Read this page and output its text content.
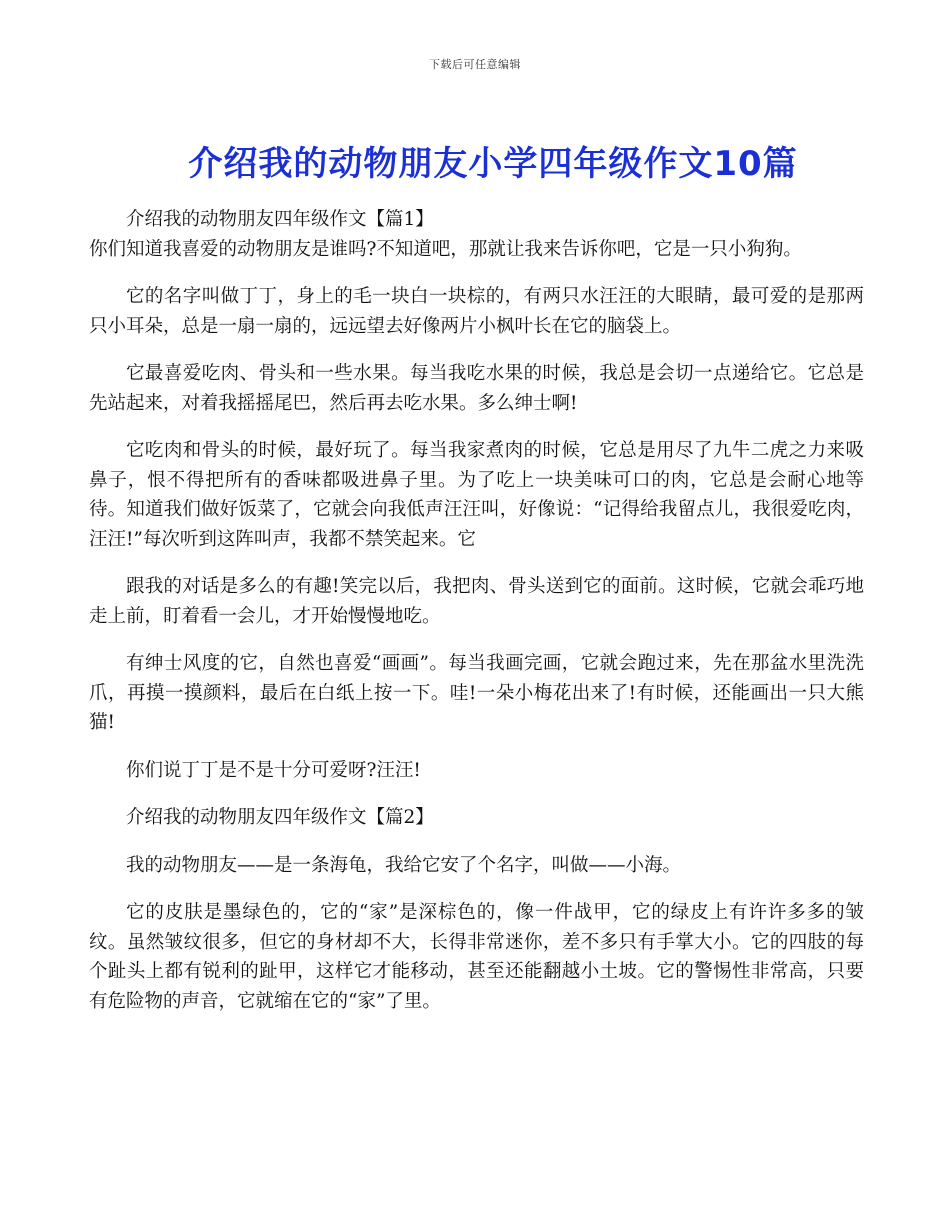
下载后可任意编辑
介绍我的动物朋友小学四年级作文10篇

介绍我的动物朋友四年级作文【篇1】

你们知道我喜爱的动物朋友是谁吗?不知道吧，那就让我来告诉你吧，它是一只小狗狗。

它的名字叫做丁丁，身上的毛一块白一块棕的，有两只水汪汪的大眼睛，最可爱的是那两只小耳朵，总是一扇一扇的，远远望去好像两片小枫叶长在它的脑袋上。

它最喜爱吃肉、骨头和一些水果。每当我吃水果的时候，我总是会切一点递给它。它总是先站起来，对着我摇摇尾巴，然后再去吃水果。多么绅士啊!

它吃肉和骨头的时候，最好玩了。每当我家煮肉的时候，它总是用尽了九牛二虎之力来吸鼻子，恨不得把所有的香味都吸进鼻子里。为了吃上一块美味可口的肉，它总是会耐心地等待。知道我们做好饭菜了，它就会向我低声汪汪叫，好像说：“记得给我留点儿，我很爱吃肉，汪汪!”每次听到这阵叫声，我都不禁笑起来。它

跟我的对话是多么的有趣!笑完以后，我把肉、骨头送到它的面前。这时候，它就会乖巧地走上前，盯着看一会儿，才开始慢慢地吃。

有绅士风度的它，自然也喜爱“画画”。每当我画完画，它就会跑过来，先在那盆水里洗洗爪，再摸一摸颜料，最后在白纸上按一下。哇!一朵小梅花出来了!有时候，还能画出一只大熊猫!

你们说丁丁是不是十分可爱呀?汪汪!

介绍我的动物朋友四年级作文【篇2】

我的动物朋友——是一条海龟，我给它安了个名字，叫做——小海。

它的皮肤是墨绿色的，它的“家”是深棕色的，像一件战甲，它的绿皮上有许许多多的皱纹。虽然皱纹很多，但它的身材却不大，长得非常迷你，差不多只有手掌大小。它的四肢的每个趾头上都有锐利的趾甲，这样它才能移动，甚至还能翻越小土坡。它的警惕性非常高，只要有危险物的声音，它就缩在它的“家”了里。
